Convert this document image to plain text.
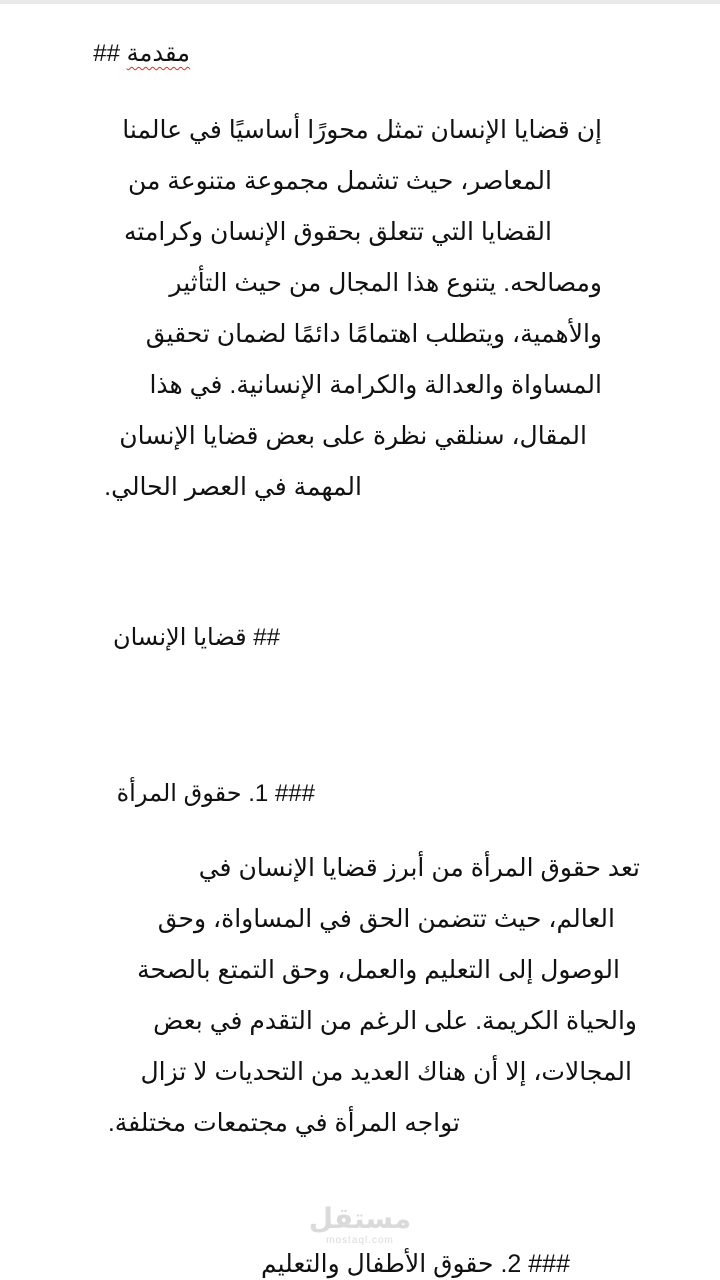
مقدمة ##
إن قضايا الإنسان تمثل محورًا أساسيًا في عالمنا
المعاصر، حيث تشمل مجموعة متنوعة من
القضايا التي تتعلق بحقوق الإنسان وكرامته
ومصالحه. يتنوع هذا المجال من حيث التأثير
والأهمية، ويتطلب اهتمامًا دائمًا لضمان تحقيق
المساواة والعدالة والكرامة الإنسانية. في هذا
المقال، سنلقي نظرة على بعض قضايا الإنسان
المهمة في العصر الحالي.
## قضايا الإنسان
### 1. حقوق المرأة
تعد حقوق المرأة من أبرز قضايا الإنسان في
العالم، حيث تتضمن الحق في المساواة، وحق
الوصول إلى التعليم والعمل، وحق التمتع بالصحة
والحياة الكريمة. على الرغم من التقدم في بعض
المجالات، إلا أن هناك العديد من التحديات لا تزال
تواجه المرأة في مجتمعات مختلفة.
### 2. حقوق الأطفال والتعليم
مستقل
mostaql.com
